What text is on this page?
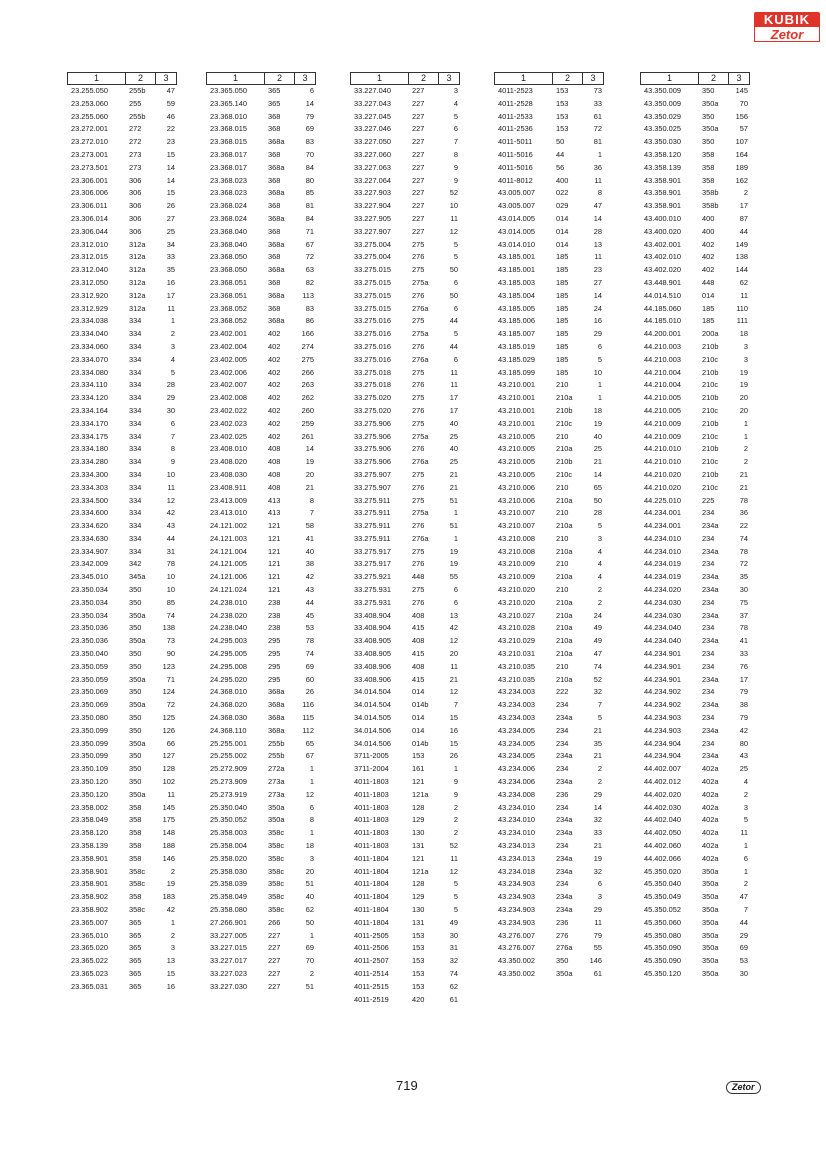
KUBIK
Zetor
1	2	3
23.255.050	255b	47
23.253.060	255	59
23.255.060	255b	46
23.272.001	272	22
23.272.010	272	23
23.273.001	273	15
23.273.501	273	14
23.306.001	306	14
23.306.006	306	15
23.306.011	306	26
23.306.014	306	27
23.306.044	306	25
23.312.010	312a	34
23.312.015	312a	33
23.312.040	312a	35
23.312.050	312a	16
23.312.920	312a	17
23.312.929	312a	11
23.334.038	334	1
23.334.040	334	2
23.334.060	334	3
23.334.070	334	4
23.334.080	334	5
23.334.110	334	28
23.334.120	334	29
23.334.164	334	30
23.334.170	334	6
23.334.175	334	7
23.334.180	334	8
23.334.280	334	9
23.334.300	334	10
23.334.303	334	11
23.334.500	334	12
23.334.600	334	42
23.334.620	334	43
23.334.630	334	44
23.334.907	334	31
23.342.009	342	78
23.345.010	345a	10
23.350.034	350	10
23.350.034	350	85
23.350.034	350a	74
23.350.036	350	138
23.350.036	350a	73
23.350.040	350	90
23.350.059	350	123
23.350.059	350a	71
23.350.069	350	124
23.350.069	350a	72
23.350.080	350	125
23.350.099	350	126
23.350.099	350a	66
23.350.099	350	127
23.350.109	350	128
23.350.120	350	102
23.350.120	350a	11
23.358.002	358	145
23.358.049	358	175
23.358.120	358	148
23.358.139	358	188
23.358.901	358	146
23.358.901	358c	2
23.358.901	358c	19
23.358.902	358	183
23.358.902	358c	42
23.365.007	365	1
23.365.010	365	2
23.365.020	365	3
23.365.022	365	13
23.365.023	365	15
23.365.031	365	16
1	2	3
23.365.050	365	6
23.365.140	365	14
23.368.010	368	79
23.368.015	368	69
23.368.015	368a	83
23.368.017	368	70
23.368.017	368a	84
23.368.023	368	80
23.368.023	368a	85
23.368.024	368	81
23.368.024	368a	84
23.368.040	368	71
23.368.040	368a	67
23.368.050	368	72
23.368.050	368a	63
23.368.051	368	82
23.368.051	368a	113
23.368.052	368	83
23.368.052	368a	86
23.402.001	402	166
23.402.004	402	274
23.402.005	402	275
23.402.006	402	266
23.402.007	402	263
23.402.008	402	262
23.402.022	402	260
23.402.023	402	259
23.402.025	402	261
23.408.010	408	14
23.408.020	408	19
23.408.030	408	20
23.408.911	408	21
23.413.009	413	8
23.413.010	413	7
24.121.002	121	58
24.121.003	121	41
24.121.004	121	40
24.121.005	121	38
24.121.006	121	42
24.121.024	121	43
24.238.010	238	44
24.238.020	238	45
24.238.040	238	53
24.295.003	295	78
24.295.005	295	74
24.295.008	295	69
24.295.020	295	60
24.368.010	368a	26
24.368.020	368a	116
24.368.030	368a	115
24.368.110	368a	112
25.255.001	255b	65
25.255.002	255b	67
25.272.909	272a	1
25.273.909	273a	1
25.273.919	273a	12
25.350.040	350a	6
25.350.052	350a	8
25.358.003	358c	1
25.358.004	358c	18
25.358.020	358c	3
25.358.030	358c	20
25.358.039	358c	51
25.358.049	358c	40
25.358.080	358c	62
27.266.901	266	50
33.227.005	227	1
33.227.015	227	69
33.227.017	227	70
33.227.023	227	2
33.227.030	227	51
1	2	3
33.227.040	227	3
33.227.043	227	4
33.227.045	227	5
33.227.046	227	6
33.227.050	227	7
33.227.060	227	8
33.227.063	227	9
33.227.064	227	9
33.227.903	227	52
33.227.904	227	10
33.227.905	227	11
33.227.907	227	12
33.275.004	275	5
33.275.004	276	5
33.275.015	275	50
33.275.015	275a	6
33.275.015	276	50
33.275.015	276a	6
33.275.016	275	44
33.275.016	275a	5
33.275.016	276	44
33.275.016	276a	6
33.275.018	275	11
33.275.018	276	11
33.275.020	275	17
33.275.020	276	17
33.275.906	275	40
33.275.906	275a	25
33.275.906	276	40
33.275.906	276a	25
33.275.907	275	21
33.275.907	276	21
33.275.911	275	51
33.275.911	275a	1
33.275.911	276	51
33.275.911	276a	1
33.275.917	275	19
33.275.917	276	19
33.275.921	448	55
33.275.931	275	6
33.275.931	276	6
33.408.904	408	13
33.408.904	415	42
33.408.905	408	12
33.408.905	415	20
33.408.906	408	11
33.408.906	415	21
34.014.504	014	12
34.014.504	014b	7
34.014.505	014	15
34.014.506	014	16
34.014.506	014b	15
3711-2005	153	26
3711-2004	161	1
4011-1803	121	9
4011-1803	121a	9
4011-1803	128	2
4011-1803	129	2
4011-1803	130	2
4011-1803	131	52
4011-1804	121	11
4011-1804	121a	12
4011-1804	128	5
4011-1804	129	5
4011-1804	130	5
4011-1804	131	49
4011-2505	153	30
4011-2506	153	31
4011-2507	153	32
4011-2514	153	74
4011-2515	153	62
4011-2519	420	61
1	2	3
4011-2523	153	73
4011-2528	153	33
4011-2533	153	61
4011-2536	153	72
4011-5011	50	81
4011-5016	44	1
4011-5016	56	36
4011-8012	400	11
43.005.007	022	8
43.005.007	029	47
43.014.005	014	14
43.014.005	014	28
43.014.010	014	13
43.185.001	185	11
43.185.001	185	23
43.185.003	185	27
43.185.004	185	14
43.185.005	185	24
43.185.006	185	16
43.185.007	185	29
43.185.019	185	6
43.185.029	185	5
43.185.099	185	10
43.210.001	210	1
43.210.001	210a	1
43.210.001	210b	18
43.210.001	210c	19
43.210.005	210	40
43.210.005	210a	25
43.210.005	210b	21
43.210.005	210c	14
43.210.006	210	65
43.210.006	210a	50
43.210.007	210	28
43.210.007	210a	5
43.210.008	210	3
43.210.008	210a	4
43.210.009	210	4
43.210.009	210a	4
43.210.020	210	2
43.210.020	210a	2
43.210.027	210a	24
43.210.028	210a	49
43.210.029	210a	49
43.210.031	210a	47
43.210.035	210	74
43.210.035	210a	52
43.234.003	222	32
43.234.003	234	7
43.234.003	234a	5
43.234.005	234	21
43.234.005	234	35
43.234.005	234a	21
43.234.006	234	2
43.234.006	234a	2
43.234.008	236	29
43.234.010	234	14
43.234.010	234a	32
43.234.010	234a	33
43.234.013	234	21
43.234.013	234a	19
43.234.018	234a	32
43.234.903	234	6
43.234.903	234a	3
43.234.903	234a	29
43.234.903	236	11
43.276.007	276	79
43.276.007	276a	55
43.350.002	350	146
43.350.002	350a	61
1	2	3
43.350.009	350	145
43.350.009	350a	70
43.350.029	350	156
43.350.025	350a	57
43.350.030	350	107
43.358.120	358	164
43.358.139	358	189
43.358.901	358	162
43.358.901	358b	2
43.358.901	358b	17
43.400.010	400	87
43.400.020	400	44
43.402.001	402	149
43.402.010	402	138
43.402.020	402	144
43.448.901	448	62
44.014.510	014	11
44.185.060	185	110
44.185.010	185	111
44.200.001	200a	18
44.210.003	210b	3
44.210.003	210c	3
44.210.004	210b	19
44.210.004	210c	19
44.210.005	210b	20
44.210.005	210c	20
44.210.009	210b	1
44.210.009	210c	1
44.210.010	210b	2
44.210.010	210c	2
44.210.020	210b	21
44.210.020	210c	21
44.225.010	225	78
44.234.001	234	36
44.234.001	234a	22
44.234.010	234	74
44.234.010	234a	78
44.234.019	234	72
44.234.019	234a	35
44.234.020	234a	30
44.234.030	234	75
44.234.030	234a	37
44.234.040	234	78
44.234.040	234a	41
44.234.901	234	33
44.234.901	234	76
44.234.901	234a	17
44.234.902	234	79
44.234.902	234a	38
44.234.903	234	79
44.234.903	234a	42
44.234.904	234	80
44.234.904	234a	43
44.402.007	402a	25
44.402.012	402a	4
44.402.020	402a	2
44.402.030	402a	3
44.402.040	402a	5
44.402.050	402a	11
44.402.060	402a	1
44.402.066	402a	6
45.350.020	350a	1
45.350.040	350a	2
45.350.049	350a	47
45.350.052	350a	7
45.350.060	350a	44
45.350.080	350a	29
45.350.090	350a	69
45.350.090	350a	53
45.350.120	350a	30
719	Zetor
